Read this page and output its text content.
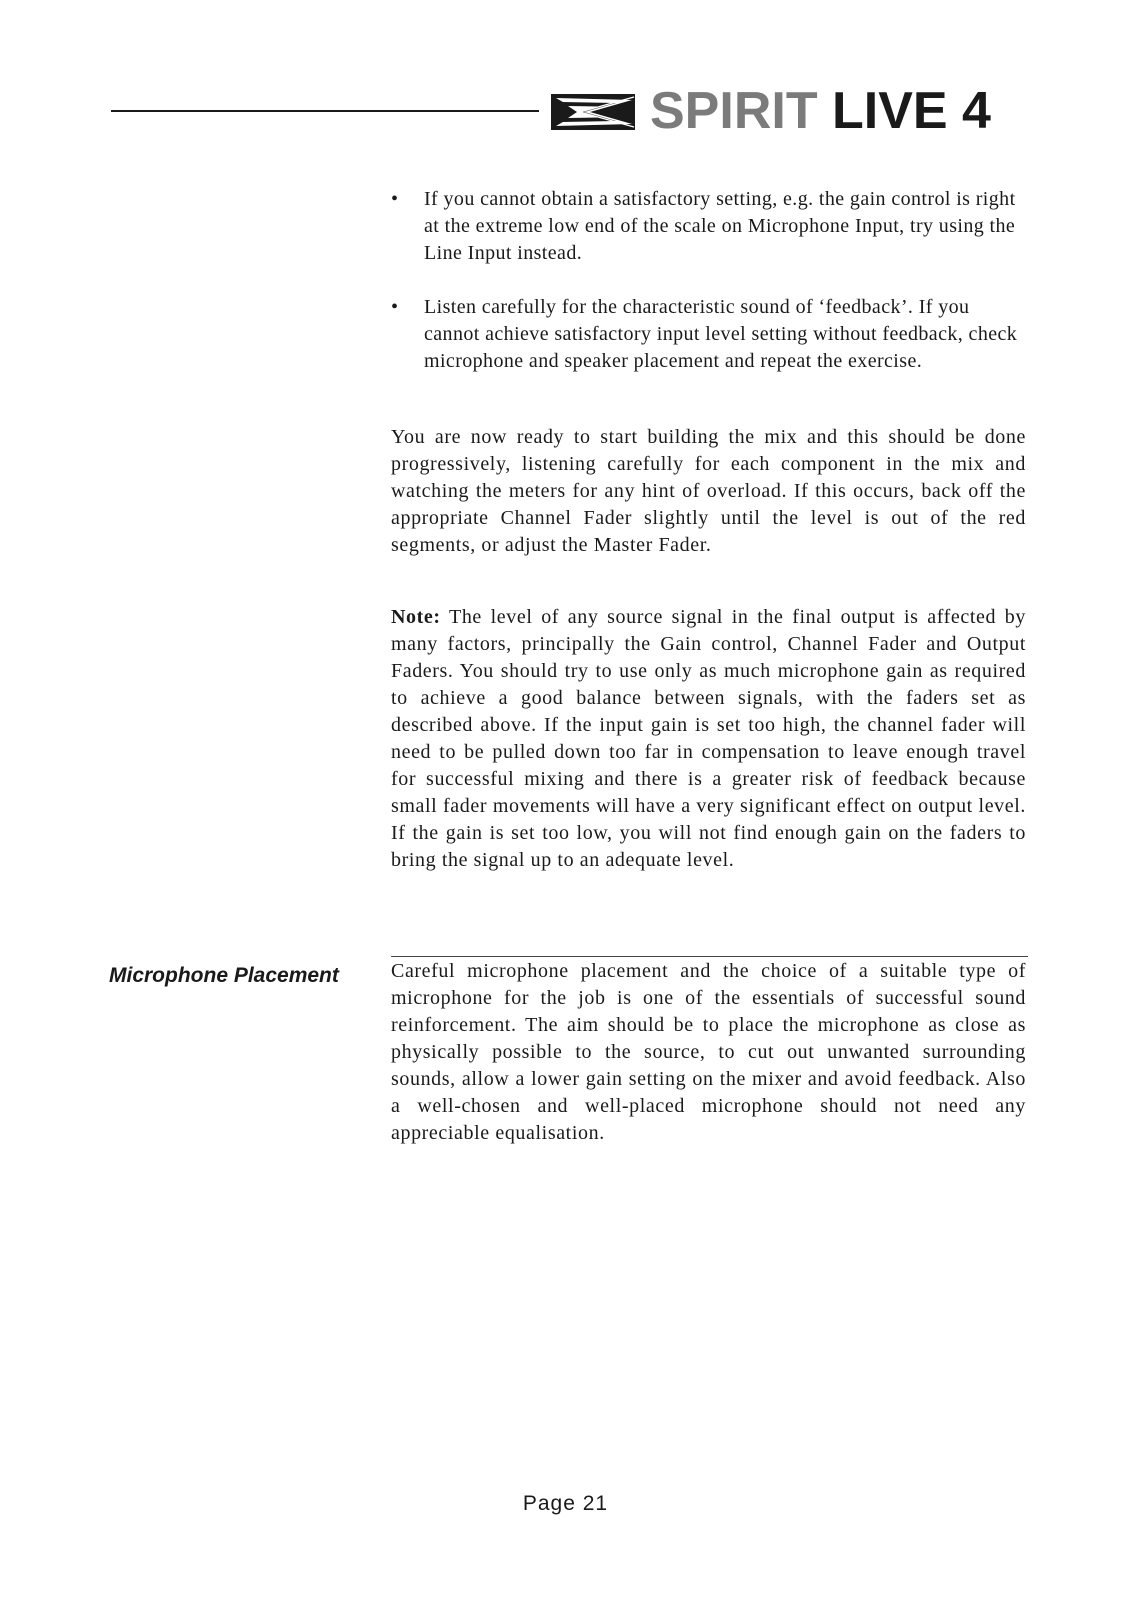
SPIRIT LIVE 4
• If you cannot obtain a satisfactory setting, e.g. the gain control is right at the extreme low end of the scale on Microphone Input, try using the Line Input instead.
• Listen carefully for the characteristic sound of ‘feedback’. If you cannot achieve satisfactory input level setting without feedback, check microphone and speaker placement and repeat the exercise.

You are now ready to start building the mix and this should be done progressively, listening carefully for each component in the mix and watching the meters for any hint of overload. If this occurs, back off the appropriate Channel Fader slightly until the level is out of the red segments, or adjust the Master Fader.

Note: The level of any source signal in the final output is affected by many factors, principally the Gain control, Channel Fader and Output Faders. You should try to use only as much microphone gain as required to achieve a good balance between signals, with the faders set as described above. If the input gain is set too high, the channel fader will need to be pulled down too far in compensation to leave enough travel for successful mixing and there is a greater risk of feedback because small fader movements will have a very significant effect on output level. If the gain is set too low, you will not find enough gain on the faders to bring the signal up to an adequate level.

Microphone Placement	Careful microphone placement and the choice of a suitable type of microphone for the job is one of the essentials of successful sound reinforcement. The aim should be to place the microphone as close as physically possible to the source, to cut out unwanted surrounding sounds, allow a lower gain setting on the mixer and avoid feedback. Also a well-chosen and well-placed microphone should not need any appreciable equalisation.

Page 21
